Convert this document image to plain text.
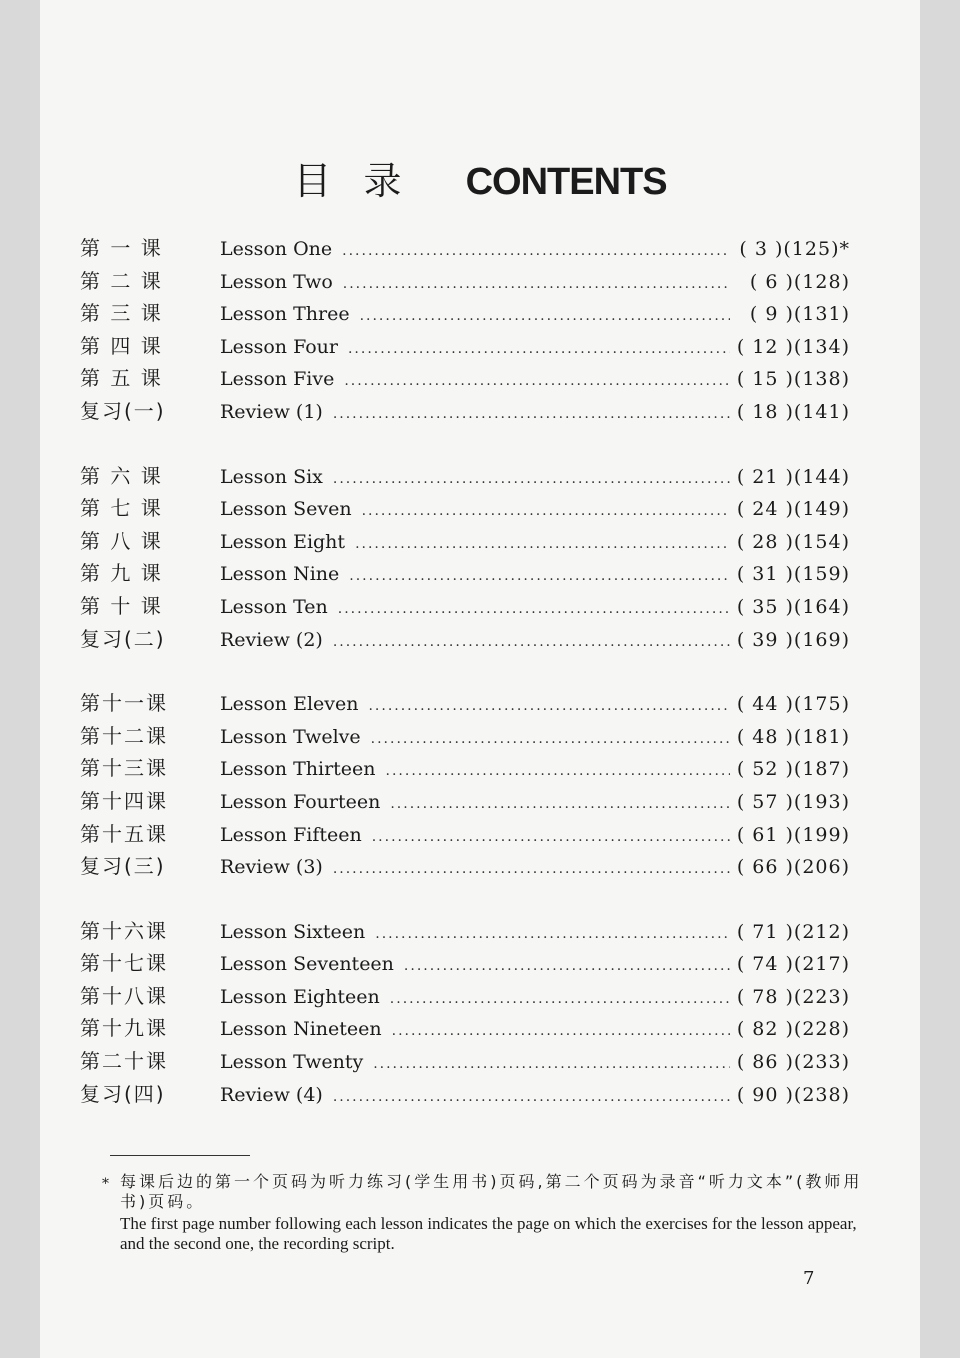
目 录 CONTENTS
第 一 课	Lesson One .....	( 3 )(125)*
第 二 课	Lesson Two .....	( 6 )(128)
第 三 课	Lesson Three .....	( 9 )(131)
第 四 课	Lesson Four .....	( 12 )(134)
第 五 课	Lesson Five .....	( 15 )(138)
复习(一)	Review (1) .....	( 18 )(141)
第 六 课	Lesson Six .....	( 21 )(144)
第 七 课	Lesson Seven .....	( 24 )(149)
第 八 课	Lesson Eight .....	( 28 )(154)
第 九 课	Lesson Nine .....	( 31 )(159)
第 十 课	Lesson Ten .....	( 35 )(164)
复习(二)	Review (2) .....	( 39 )(169)
第十一课	Lesson Eleven .....	( 44 )(175)
第十二课	Lesson Twelve .....	( 48 )(181)
第十三课	Lesson Thirteen .....	( 52 )(187)
第十四课	Lesson Fourteen .....	( 57 )(193)
第十五课	Lesson Fifteen .....	( 61 )(199)
复习(三)	Review (3) .....	( 66 )(206)
第十六课	Lesson Sixteen .....	( 71 )(212)
第十七课	Lesson Seventeen .....	( 74 )(217)
第十八课	Lesson Eighteen .....	( 78 )(223)
第十九课	Lesson Nineteen .....	( 82 )(228)
第二十课	Lesson Twenty .....	( 86 )(233)
复习(四)	Review (4) .....	( 90 )(238)
* 每课后边的第一个页码为听力练习(学生用书)页码,第二个页码为录音“听力文本”(教师用书)页码。
The first page number following each lesson indicates the page on which the exercises for the lesson appear, and the second one, the recording script.
7
